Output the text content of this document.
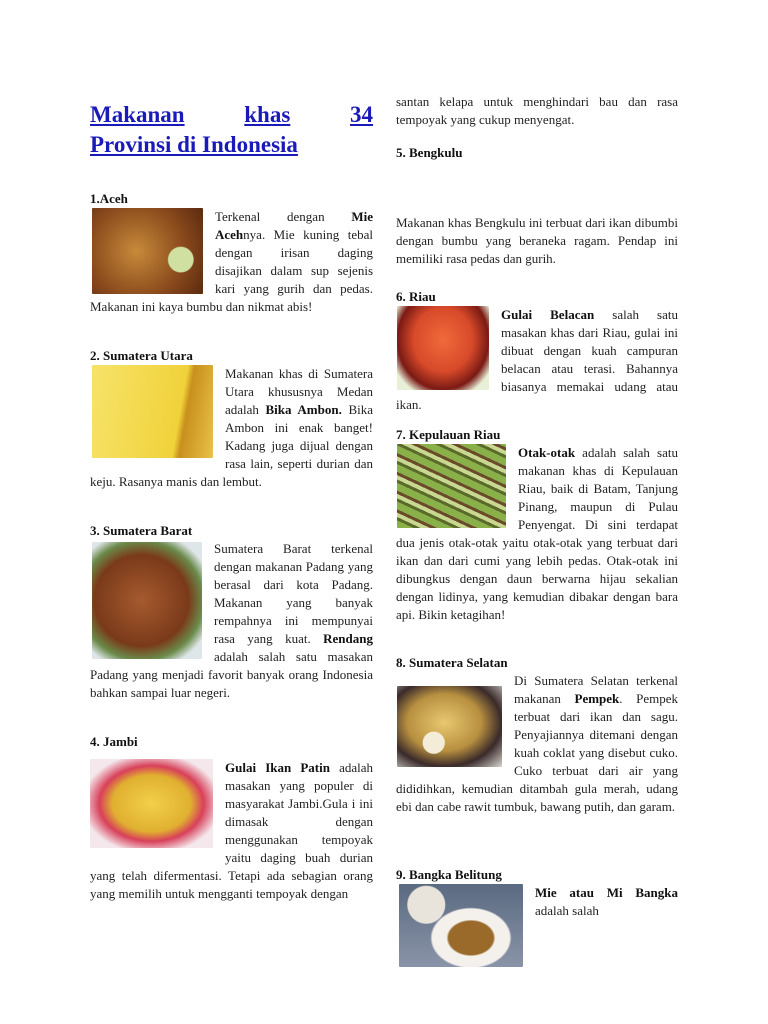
Makanan	khas	34
Provinsi di Indonesia
1.Aceh

Terkenal dengan Mie Acehnya. Mie kuning tebal dengan irisan daging disajikan dalam sup sejenis kari yang gurih dan pedas. Makanan ini kaya bumbu dan nikmat abis!

2. Sumatera Utara

Makanan khas di Sumatera Utara khususnya Medan adalah Bika Ambon. Bika Ambon ini enak banget! Kadang juga dijual dengan rasa lain, seperti durian dan keju. Rasanya manis dan lembut.

3. Sumatera Barat

Sumatera Barat terkenal dengan makanan Padang yang berasal dari kota Padang. Makanan yang banyak rempahnya ini mempunyai rasa yang kuat. Rendang adalah salah satu masakan Padang yang menjadi favorit banyak orang Indonesia bahkan sampai luar negeri.

4. Jambi

Gulai Ikan Patin adalah masakan yang populer di masyarakat Jambi.Gula i ini dimasak dengan menggunakan tempoyak yaitu daging buah durian yang telah difermentasi. Tetapi ada sebagian orang yang memilih untuk mengganti tempoyak dengan

santan kelapa untuk menghindari bau dan rasa tempoyak yang cukup menyengat.

5. Bengkulu

Makanan khas Bengkulu ini terbuat dari ikan dibumbi dengan bumbu yang beraneka ragam. Pendap ini memiliki rasa pedas dan gurih.

6. Riau

Gulai Belacan salah satu masakan khas dari Riau, gulai ini dibuat dengan kuah campuran belacan atau terasi. Bahannya biasanya memakai udang atau ikan.

7. Kepulauan Riau

Otak-otak adalah salah satu makanan khas di Kepulauan Riau, baik di Batam, Tanjung Pinang, maupun di Pulau Penyengat. Di sini terdapat dua jenis otak-otak yaitu otak-otak yang terbuat dari ikan dan dari cumi yang lebih pedas. Otak-otak ini dibungkus dengan daun berwarna hijau sekalian dengan lidinya, yang kemudian dibakar dengan bara api. Bikin ketagihan!

8. Sumatera Selatan

Di Sumatera Selatan terkenal makanan Pempek. Pempek terbuat dari ikan dan sagu. Penyajiannya ditemani dengan kuah coklat yang disebut cuko. Cuko terbuat dari air yang dididihkan, kemudian ditambah gula merah, udang ebi dan cabe rawit tumbuk, bawang putih, dan garam.

9. Bangka Belitung

Mie atau Mi Bangka adalah salah
